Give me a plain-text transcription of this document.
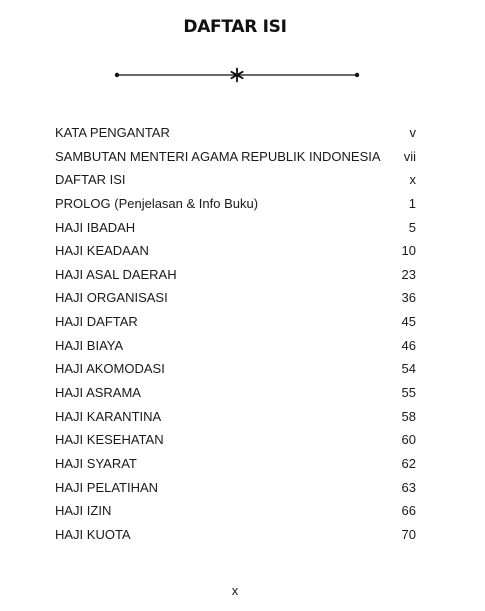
DAFTAR ISI
KATA PENGANTAR	v
SAMBUTAN MENTERI AGAMA REPUBLIK INDONESIA vii
DAFTAR ISI	x
PROLOG (Penjelasan & Info Buku)	1
HAJI IBADAH	5
HAJI KEADAAN	10
HAJI ASAL DAERAH	23
HAJI ORGANISASI	36
HAJI DAFTAR	45
HAJI BIAYA	46
HAJI AKOMODASI	54
HAJI ASRAMA	55
HAJI KARANTINA	58
HAJI KESEHATAN	60
HAJI SYARAT	62
HAJI PELATIHAN	63
HAJI IZIN	66
HAJI KUOTA	70
x
